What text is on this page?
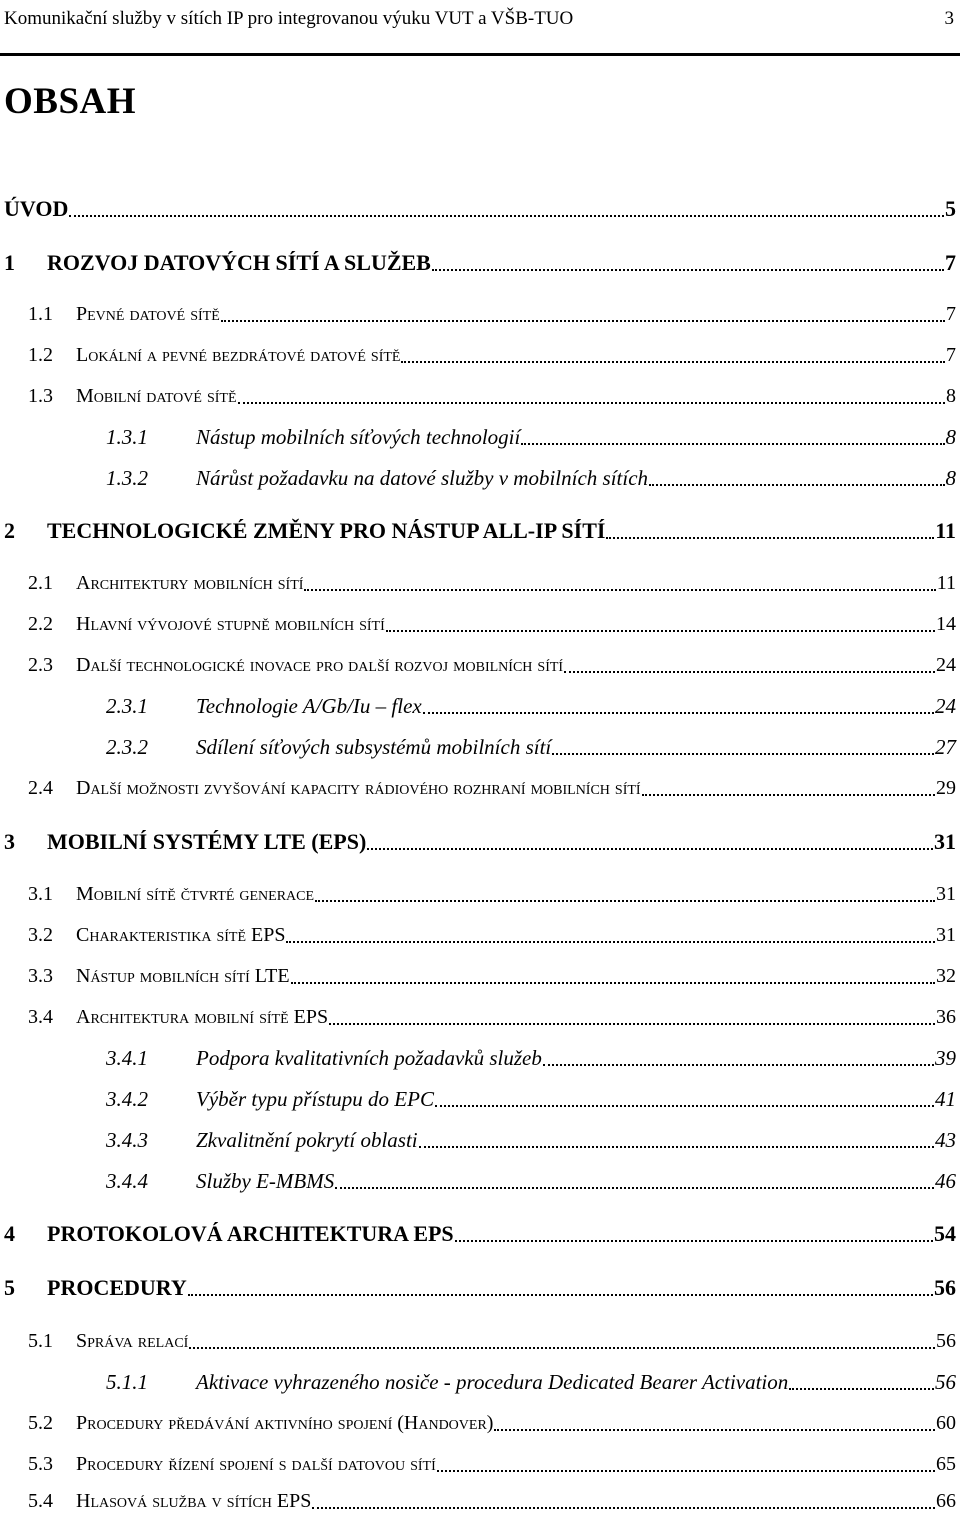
Komunikační služby v sítích IP pro integrovanou výuku VUT a VŠB-TUO	3
OBSAH
ÚVOD	5
1	ROZVOJ DATOVÝCH SÍTÍ A SLUŽEB	7
1.1	Pevné datové sítě	7
1.2	Lokální a pevné bezdrátové datové sítě	7
1.3	Mobilní datové sítě	8
1.3.1	Nástup mobilních síťových technologií	8
1.3.2	Nárůst požadavku na datové služby v mobilních sítích	8
2	TECHNOLOGICKÉ ZMĚNY PRO NÁSTUP ALL-IP SÍTÍ	11
2.1	Architektury mobilních sítí	11
2.2	Hlavní vývojové stupně mobilních sítí	14
2.3	Další technologické inovace pro další rozvoj mobilních sítí	24
2.3.1	Technologie A/Gb/Iu – flex	24
2.3.2	Sdílení síťových subsystémů mobilních sítí	27
2.4	Další možnosti zvyšování kapacity rádiového rozhraní mobilních sítí	29
3	MOBILNÍ SYSTÉMY LTE (EPS)	31
3.1	Mobilní sítě čtvrté generace	31
3.2	Charakteristika sítě EPS	31
3.3	Nástup mobilních sítí LTE	32
3.4	Architektura mobilní sítě EPS	36
3.4.1	Podpora kvalitativních požadavků služeb	39
3.4.2	Výběr typu přístupu do EPC	41
3.4.3	Zkvalitnění pokrytí oblasti	43
3.4.4	Služby E-MBMS	46
4	PROTOKOLOVÁ ARCHITEKTURA EPS	54
5	PROCEDURY	56
5.1	Správa relací	56
5.1.1	Aktivace vyhrazeného nosiče - procedura Dedicated Bearer Activation	56
5.2	Procedury předávání aktivního spojení (Handover)	60
5.3	Procedury řízení spojení s další datovou sítí	65
5.4	Hlasová služba v sítích EPS	66
